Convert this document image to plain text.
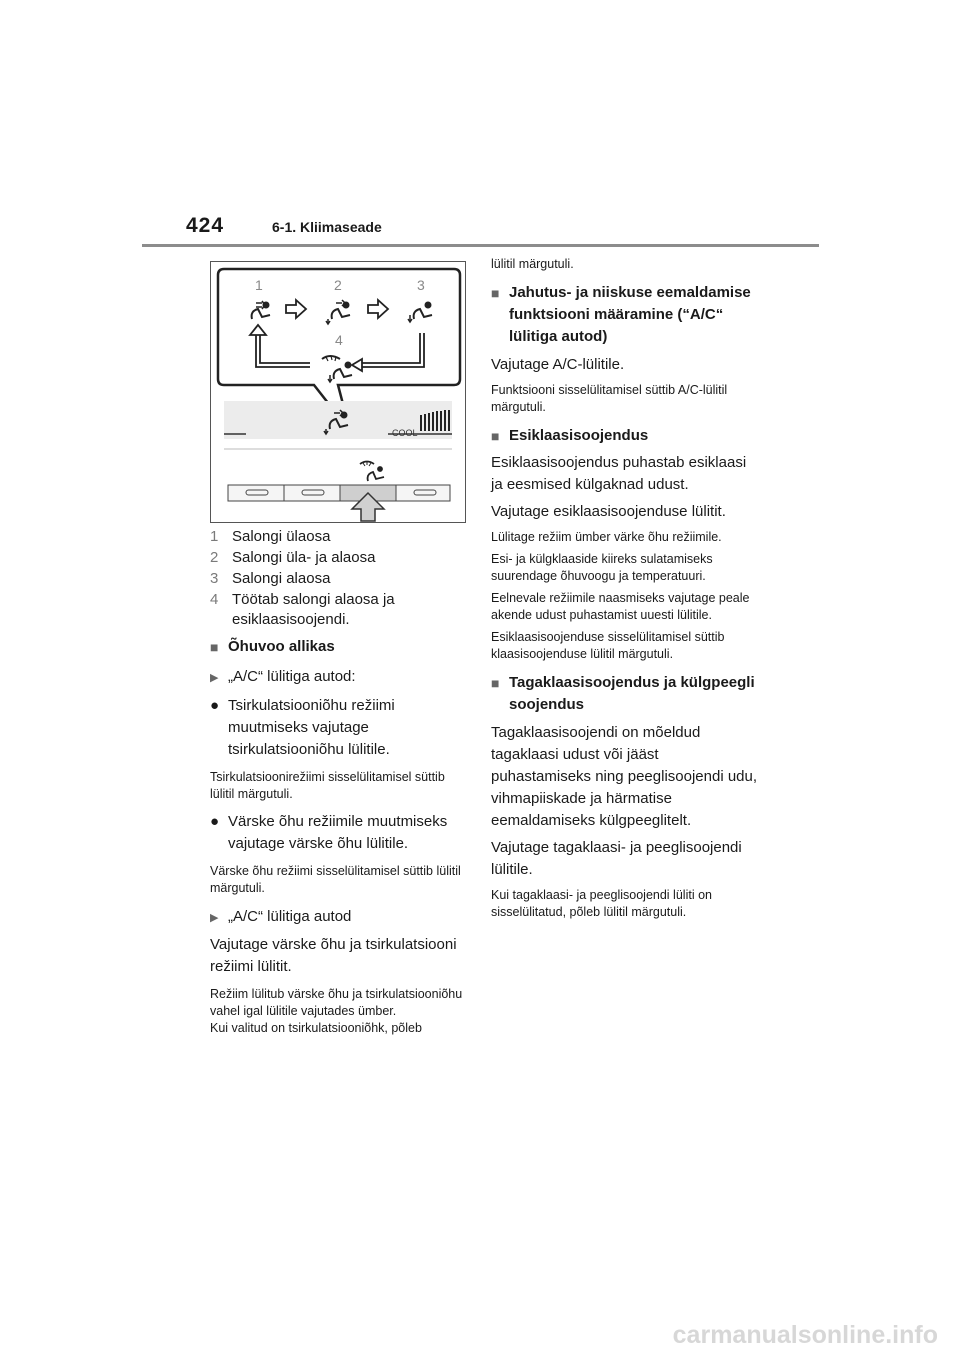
424	6-1. Kliimaseade
1	2	3
4
COOL
1 Salongi ülaosa
2 Salongi üla- ja alaosa
3 Salongi alaosa
4 Töötab salongi alaosa ja esiklaasisoojendi.
■ Õhuvoo allikas
▶ „A/C“ lülitiga autod:
● Tsirkulatsiooniõhu režiimi muutmiseks vajutage tsirkulatsiooniõhu lülitile.

Tsirkulatsioonirežiimi sisselülitamisel süttib lülitil märgutuli.

● Värske õhu režiimile muutmiseks vajutage värske õhu lülitile.

Värske õhu režiimi sisselülitamisel süttib lülitil märgutuli.

▶ „A/C“ lülitiga autod

Vajutage värske õhu ja tsirkulatsiooni režiimi lülitit.

Režiim lülitub värske õhu ja tsirkulatsiooniõhu vahel igal lülitile vajutades ümber.

Kui valitud on tsirkulatsiooniõhk, põleb

lülitil märgutuli.

■ Jahutus- ja niiskuse eemaldamise funktsiooni määramine (“A/C“ lülitiga autod)

Vajutage A/C-lülitile.

Funktsiooni sisselülitamisel süttib A/C-lülitil märgutuli.

■ Esiklaasisoojendus

Esiklaasisoojendus puhastab esiklaasi ja eesmised külgaknad udust.

Vajutage esiklaasisoojenduse lülitit.

Lülitage režiim ümber värke õhu režiimile.

Esi- ja külgklaaside kiireks sulatamiseks suurendage õhuvoogu ja temperatuuri.

Eelnevale režiimile naasmiseks vajutage peale akende udust puhastamist uuesti lülitile.

Esiklaasisoojenduse sisselülitamisel süttib klaasisoojenduse lülitil märgutuli.

■ Tagaklaasisoojendus ja külgpeegli soojendus

Tagaklaasisoojendi on mõeldud tagaklaasi udust või jääst puhastamiseks ning peeglisoojendi udu, vihmapiiskade ja härmatise eemaldamiseks külgpeeglitelt.

Vajutage tagaklaasi- ja peeglisoojendi lülitile.

Kui tagaklaasi- ja peeglisoojendi lüliti on sisselülitatud, põleb lülitil märgutuli.

carmanualsonline.info
